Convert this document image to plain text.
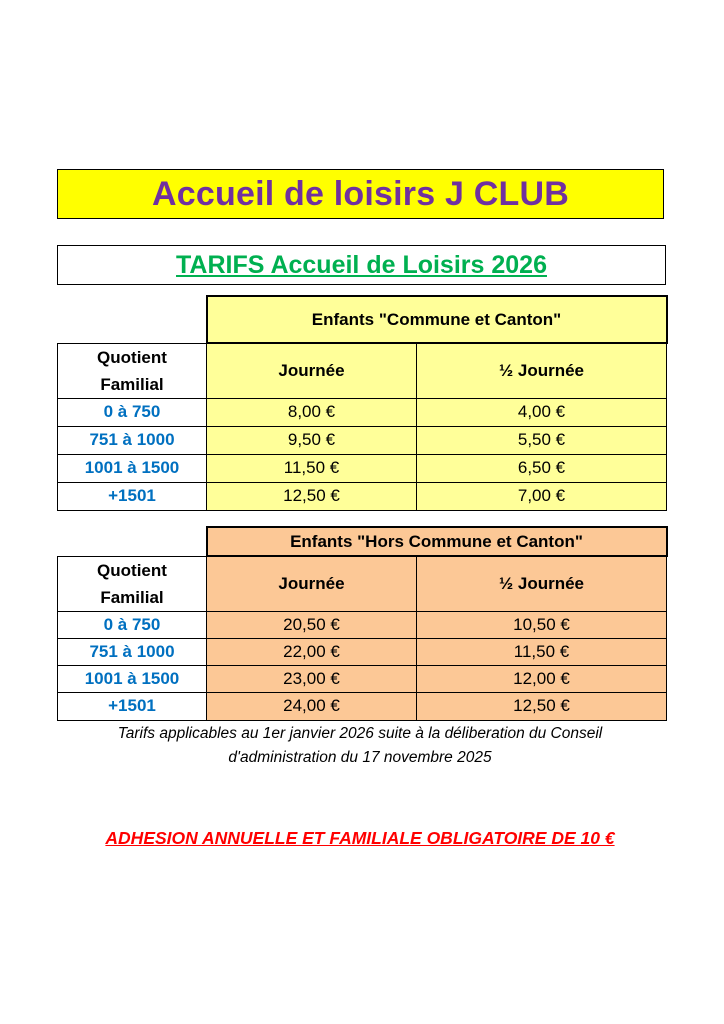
Accueil de loisirs J CLUB
TARIFS Accueil de Loisirs 2026
	Enfants "Commune et Canton"	

Quotient
Familial	Journée	½ Journée
0 à 750	8,00 €	4,00 €
751 à 1000	9,50 €	5,50 €
1001 à 1500	11,50 €	6,50 €
+1501	12,50 €	7,00 €
	Enfants "Hors Commune et Canton"	

Quotient
Familial	Journée	½ Journée
0 à 750	20,50 €	10,50 €
751 à 1000	22,00 €	11,50 €
1001 à 1500	23,00 €	12,00 €
+1501	24,00 €	12,50 €
Tarifs applicables au 1er janvier 2026 suite à la déliberation du Conseil
d'administration du 17 novembre 2025
ADHESION ANNUELLE ET FAMILIALE OBLIGATOIRE DE 10 €
